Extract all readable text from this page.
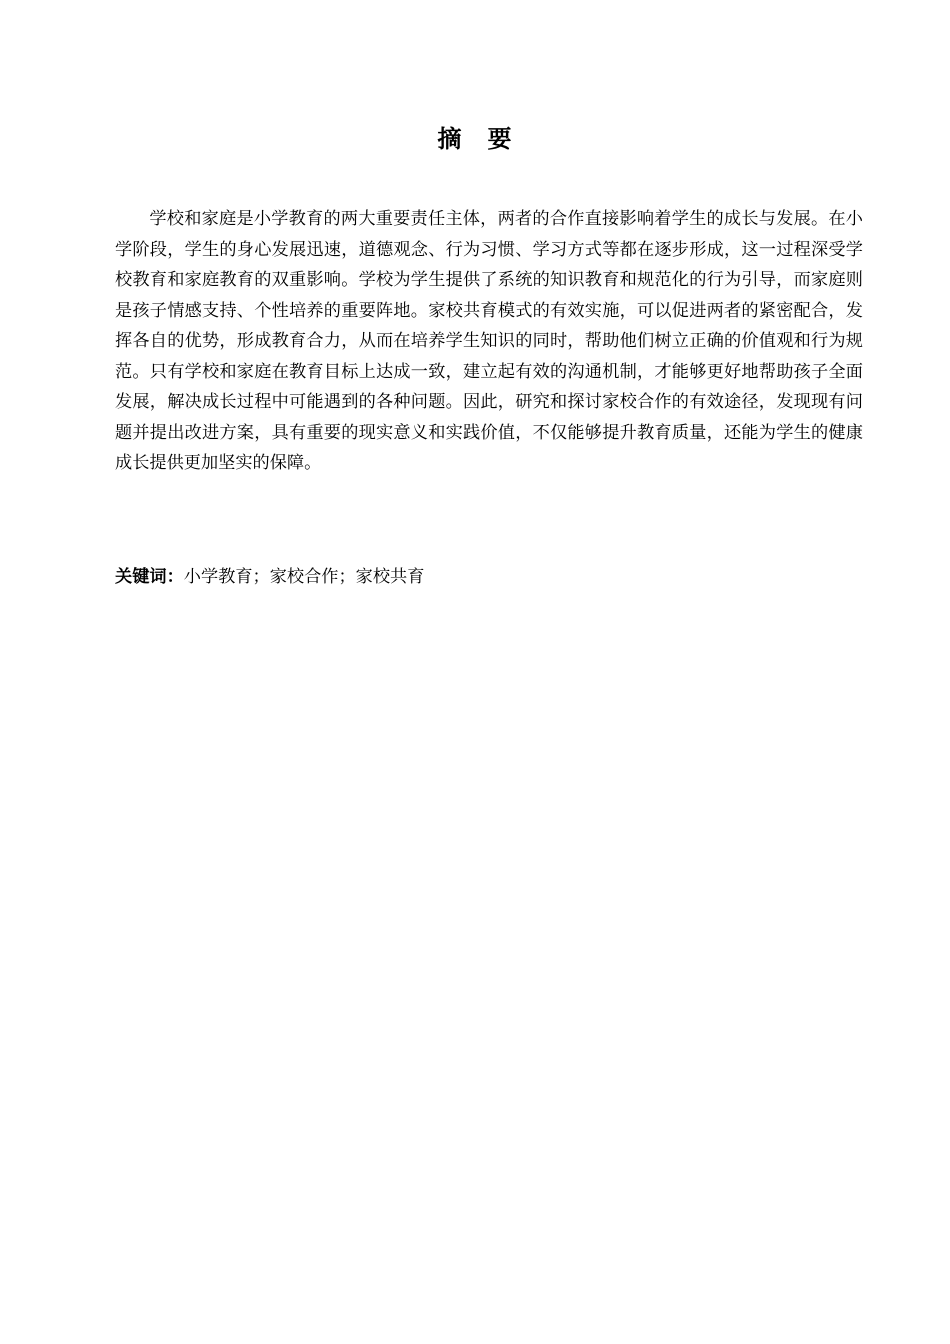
摘　要

学校和家庭是小学教育的两大重要责任主体，两者的合作直接影响着学生的成长与发展。在小学阶段，学生的身心发展迅速，道德观念、行为习惯、学习方式等都在逐步形成，这一过程深受学校教育和家庭教育的双重影响。学校为学生提供了系统的知识教育和规范化的行为引导，而家庭则是孩子情感支持、个性培养的重要阵地。家校共育模式的有效实施，可以促进两者的紧密配合，发挥各自的优势，形成教育合力，从而在培养学生知识的同时，帮助他们树立正确的价值观和行为规范。只有学校和家庭在教育目标上达成一致，建立起有效的沟通机制，才能够更好地帮助孩子全面发展，解决成长过程中可能遇到的各种问题。因此，研究和探讨家校合作的有效途径，发现现有问题并提出改进方案，具有重要的现实意义和实践价值，不仅能够提升教育质量，还能为学生的健康成长提供更加坚实的保障。

关键词：小学教育；家校合作；家校共育
